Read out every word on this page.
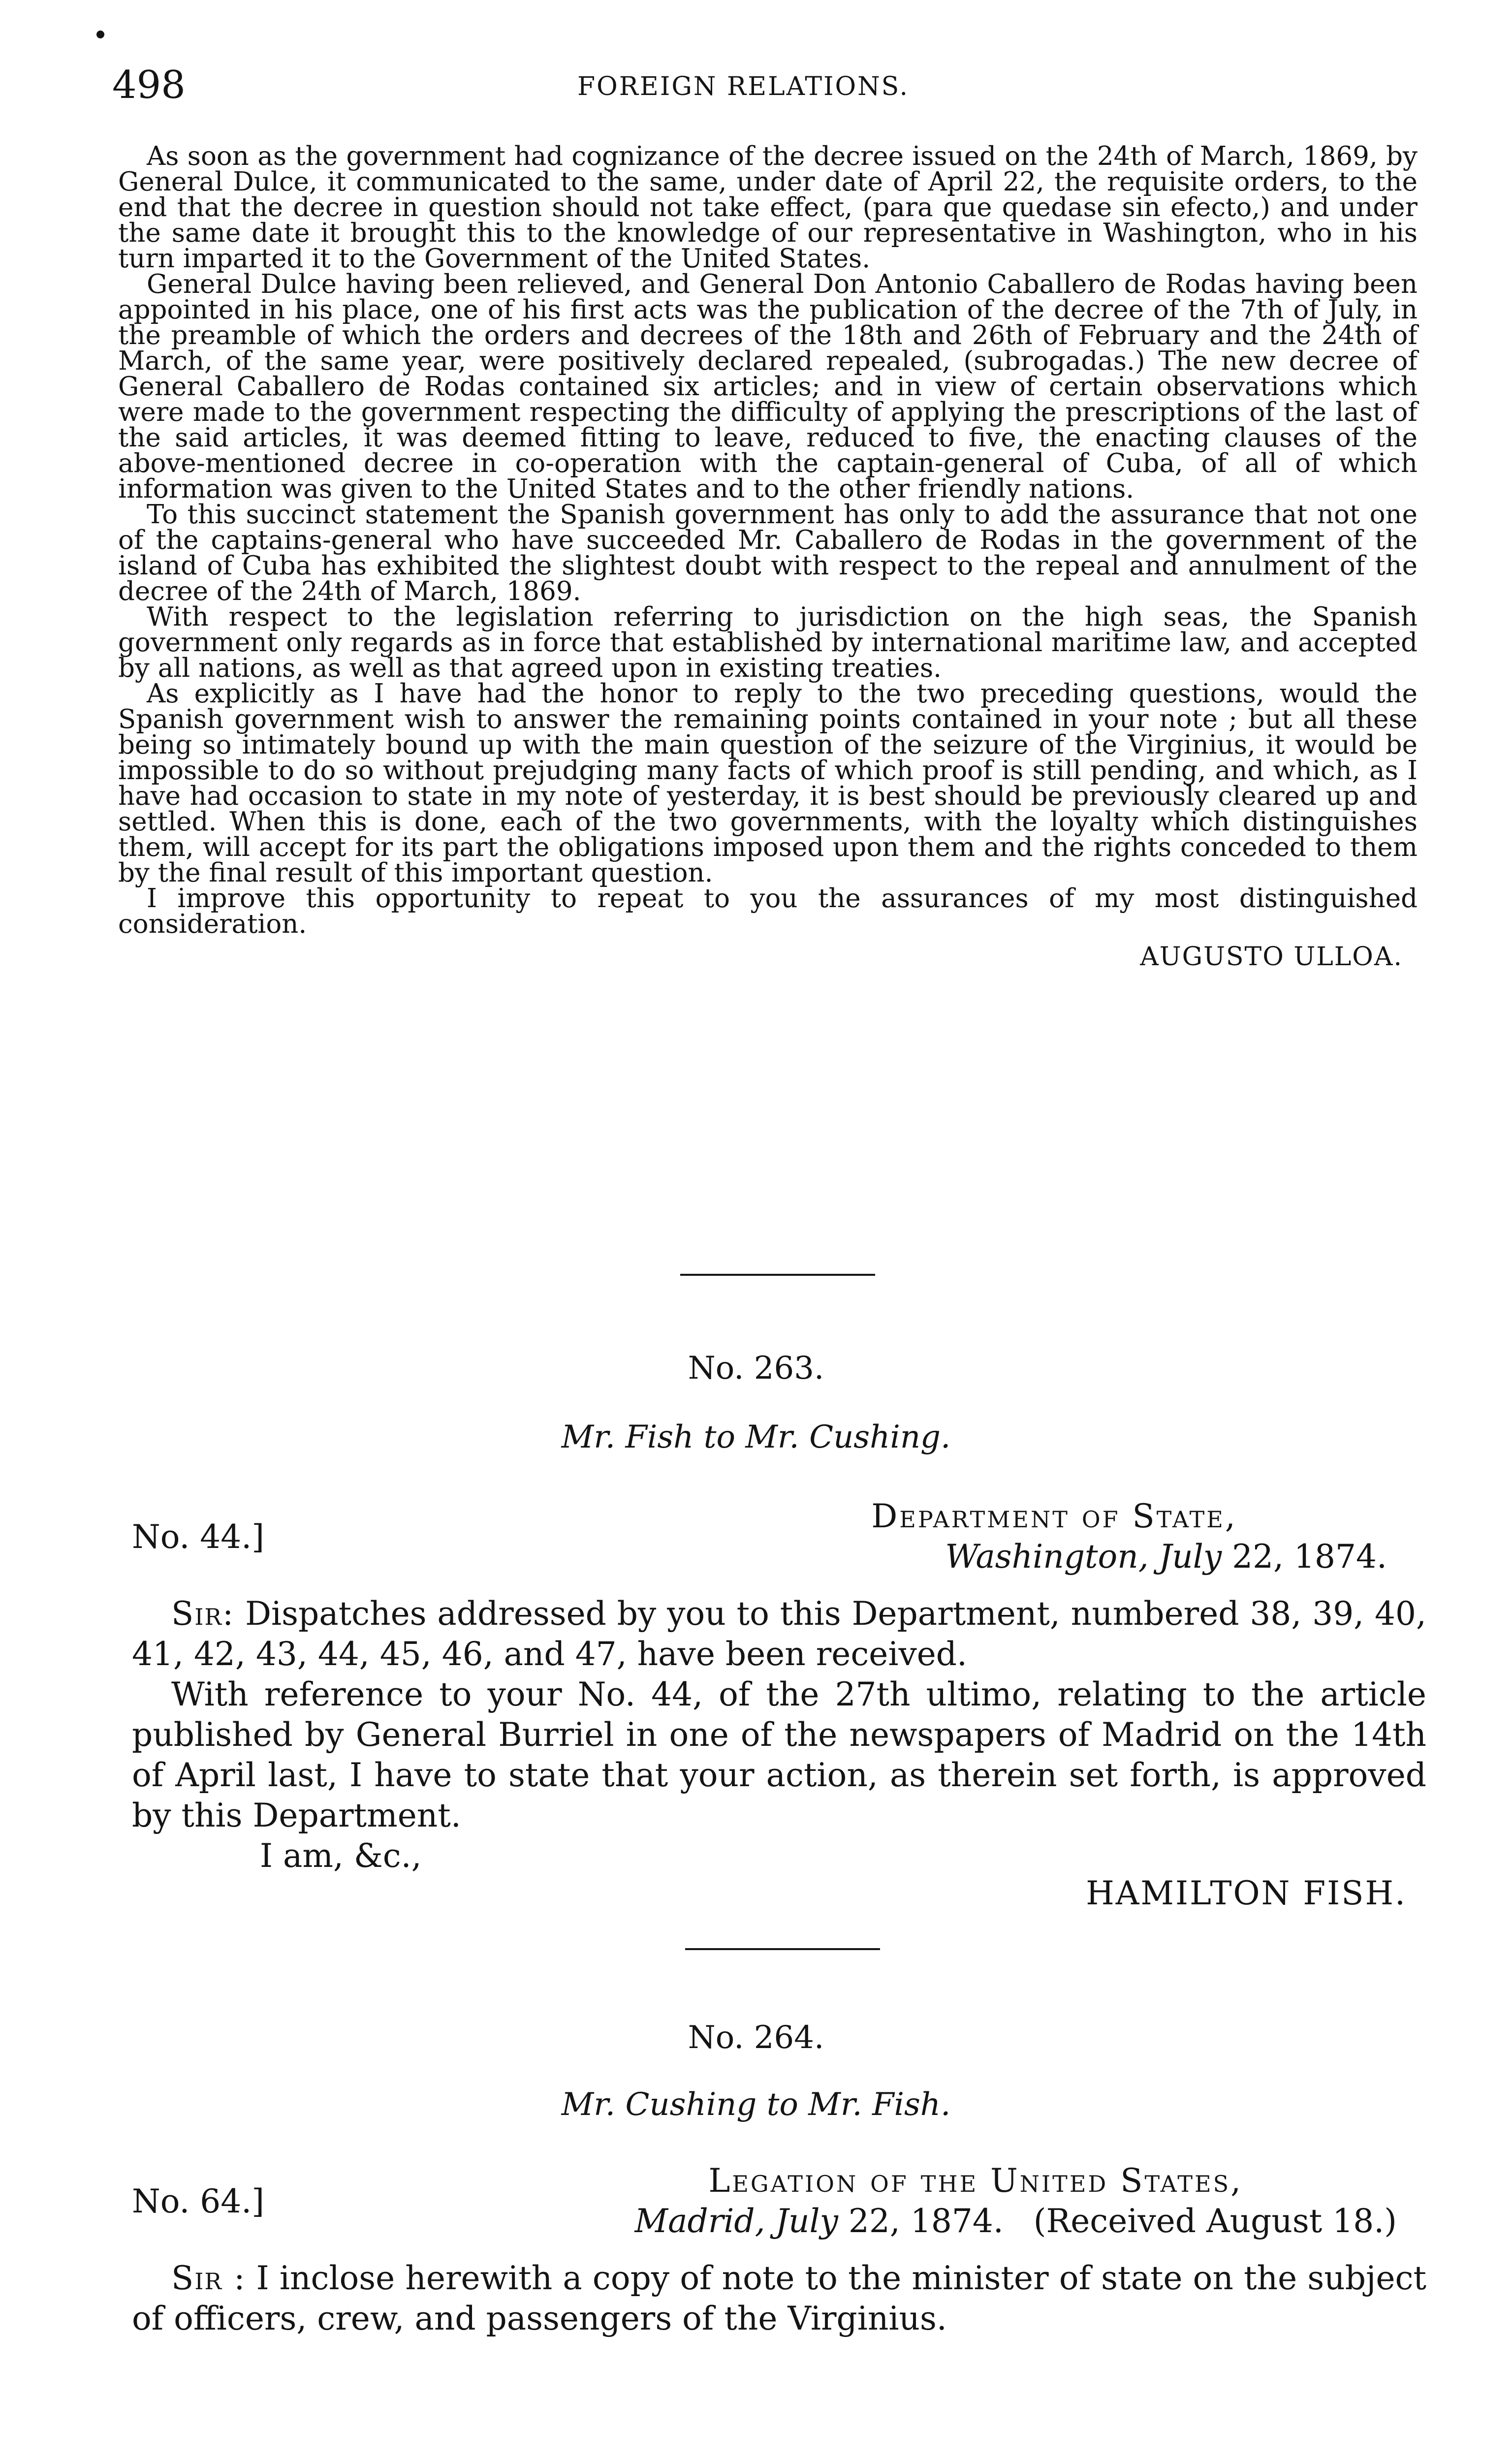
498	FOREIGN RELATIONS.

As soon as the government had cognizance of the decree issued on the 24th of March, 1869, by General Dulce, it communicated to the same, under date of April 22, the requisite orders, to the end that the decree in question should not take effect, (para que quedase sin efecto,) and under the same date it brought this to the knowledge of our representative in Washington, who in his turn imparted it to the Government of the United States.

General Dulce having been relieved, and General Don Antonio Caballero de Rodas having been appointed in his place, one of his first acts was the publication of the decree of the 7th of July, in the preamble of which the orders and decrees of the 18th and 26th of February and the 24th of March, of the same year, were positively declared repealed, (subrogadas.) The new decree of General Caballero de Rodas contained six articles; and in view of certain observations which were made to the government respecting the difficulty of applying the prescriptions of the last of the said articles, it was deemed fitting to leave, reduced to five, the enacting clauses of the above-mentioned decree in co-operation with the captain-general of Cuba, of all of which information was given to the United States and to the other friendly nations.

To this succinct statement the Spanish government has only to add the assurance that not one of the captains-general who have succeeded Mr. Caballero de Rodas in the government of the island of Cuba has exhibited the slightest doubt with respect to the repeal and annulment of the decree of the 24th of March, 1869.

With respect to the legislation referring to jurisdiction on the high seas, the Spanish government only regards as in force that established by international maritime law, and accepted by all nations, as well as that agreed upon in existing treaties.

As explicitly as I have had the honor to reply to the two preceding questions, would the Spanish government wish to answer the remaining points contained in your note ; but all these being so intimately bound up with the main question of the seizure of the Virginius, it would be impossible to do so without prejudging many facts of which proof is still pending, and which, as I have had occasion to state in my note of yesterday, it is best should be previously cleared up and settled. When this is done, each of the two governments, with the loyalty which distinguishes them, will accept for its part the obligations imposed upon them and the rights conceded to them by the final result of this important question.

I improve this opportunity to repeat to you the assurances of my most distinguished consideration.

AUGUSTO ULLOA.
No. 263.
Mr. Fish to Mr. Cushing.
No. 44.]
Department of State,
Washington, July 22, 1874.

Sir: Dispatches addressed by you to this Department, numbered 38, 39, 40, 41, 42, 43, 44, 45, 46, and 47, have been received.

With reference to your No. 44, of the 27th ultimo, relating to the article published by General Burriel in one of the newspapers of Madrid on the 14th of April last, I have to state that your action, as therein set forth, is approved by this Department.

I am, &c.,
HAMILTON FISH.
No. 264.
Mr. Cushing to Mr. Fish.
No. 64.]
Legation of the United States,
Madrid, July 22, 1874. (Received August 18.)

Sir : I inclose herewith a copy of note to the minister of state on the subject of officers, crew, and passengers of the Virginius.
